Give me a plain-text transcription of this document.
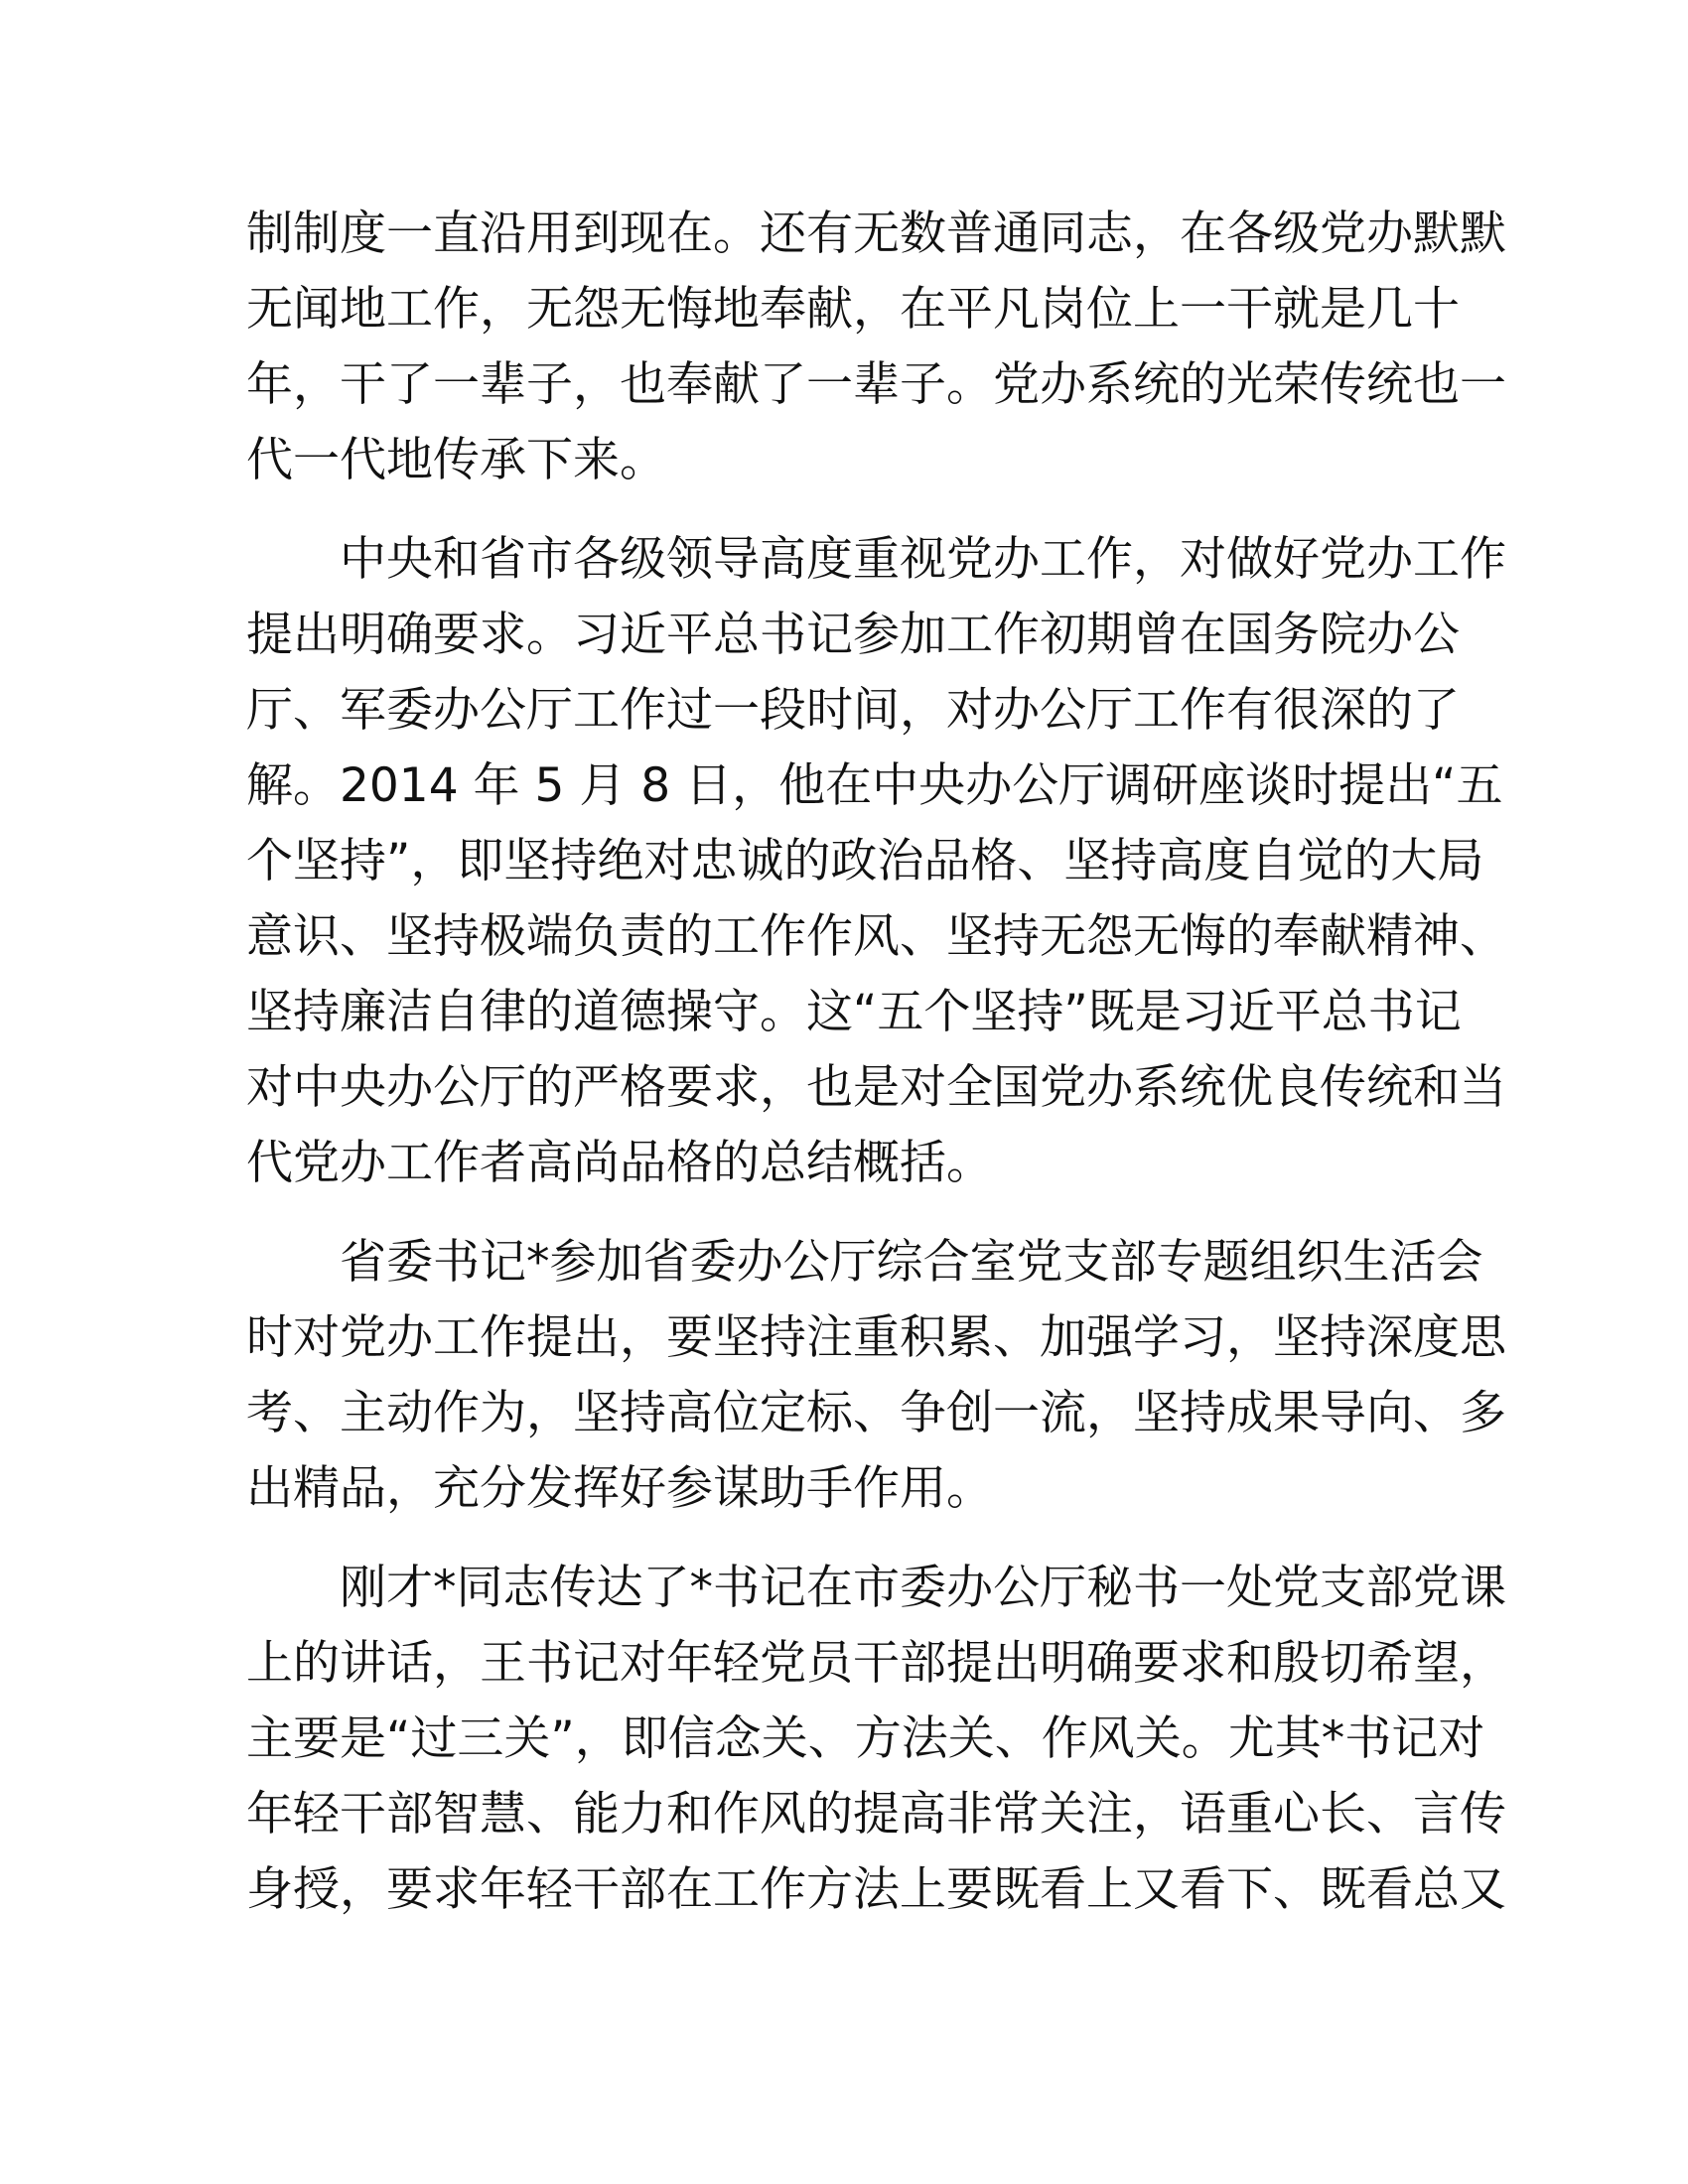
制制度一直沿用到现在。还有无数普通同志，在各级党办默默
无闻地工作，无怨无悔地奉献，在平凡岗位上一干就是几十
年，干了一辈子，也奉献了一辈子。党办系统的光荣传统也一
代一代地传承下来。
中央和省市各级领导高度重视党办工作，对做好党办工作
提出明确要求。习近平总书记参加工作初期曾在国务院办公
厅、军委办公厅工作过一段时间，对办公厅工作有很深的了
解。2014 年 5 月 8 日，他在中央办公厅调研座谈时提出“五
个坚持”，即坚持绝对忠诚的政治品格、坚持高度自觉的大局
意识、坚持极端负责的工作作风、坚持无怨无悔的奉献精神、
坚持廉洁自律的道德操守。这“五个坚持”既是习近平总书记
对中央办公厅的严格要求，也是对全国党办系统优良传统和当
代党办工作者高尚品格的总结概括。
省委书记*参加省委办公厅综合室党支部专题组织生活会
时对党办工作提出，要坚持注重积累、加强学习，坚持深度思
考、主动作为，坚持高位定标、争创一流，坚持成果导向、多
出精品，充分发挥好参谋助手作用。
刚才*同志传达了*书记在市委办公厅秘书一处党支部党课
上的讲话，王书记对年轻党员干部提出明确要求和殷切希望，
主要是“过三关”，即信念关、方法关、作风关。尤其*书记对
年轻干部智慧、能力和作风的提高非常关注，语重心长、言传
身授，要求年轻干部在工作方法上要既看上又看下、既看总又
